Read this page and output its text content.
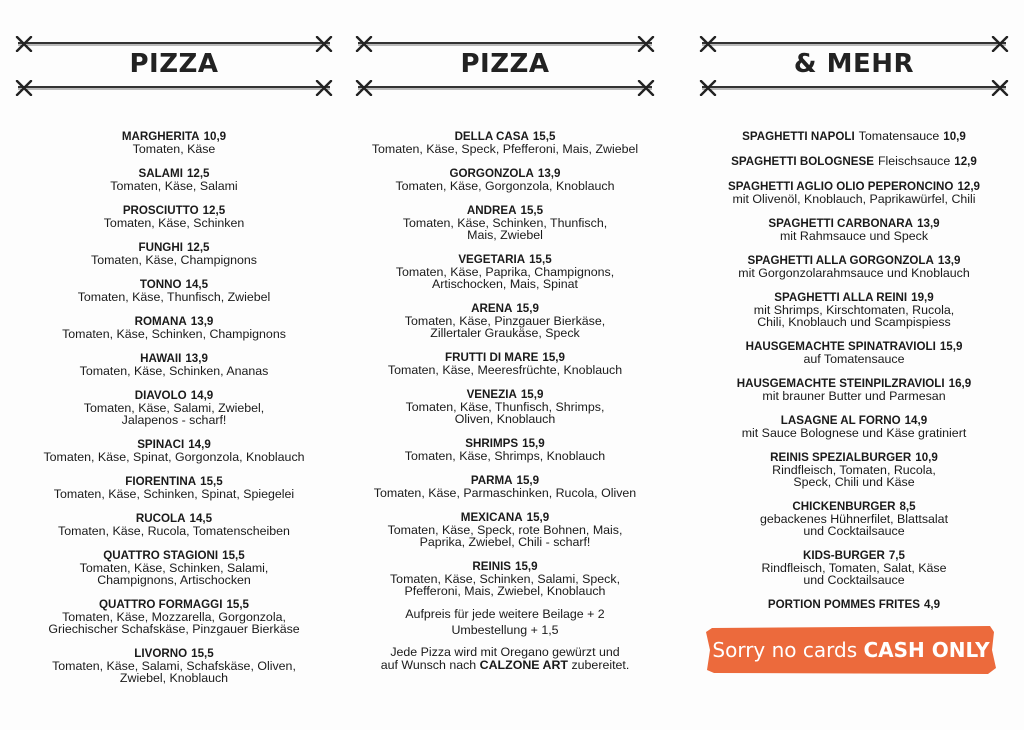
PIZZA
MARGHERITA 10,9
Tomaten, Käse
SALAMI 12,5
Tomaten, Käse, Salami
PROSCIUTTO 12,5
Tomaten, Käse, Schinken
FUNGHI 12,5
Tomaten, Käse, Champignons
TONNO 14,5
Tomaten, Käse, Thunfisch, Zwiebel
ROMANA 13,9
Tomaten, Käse, Schinken, Champignons
HAWAII 13,9
Tomaten, Käse, Schinken, Ananas
DIAVOLO 14,9
Tomaten, Käse, Salami, Zwiebel,
Jalapenos - scharf!
SPINACI 14,9
Tomaten, Käse, Spinat, Gorgonzola, Knoblauch
FIORENTINA 15,5
Tomaten, Käse, Schinken, Spinat, Spiegelei
RUCOLA 14,5
Tomaten, Käse, Rucola, Tomatenscheiben
QUATTRO STAGIONI 15,5
Tomaten, Käse, Schinken, Salami,
Champignons, Artischocken
QUATTRO FORMAGGI 15,5
Tomaten, Käse, Mozzarella, Gorgonzola,
Griechischer Schafskäse, Pinzgauer Bierkäse
LIVORNO 15,5
Tomaten, Käse, Salami, Schafskäse, Oliven,
Zwiebel, Knoblauch
PIZZA
DELLA CASA 15,5
Tomaten, Käse, Speck, Pfefferoni, Mais, Zwiebel
GORGONZOLA 13,9
Tomaten, Käse, Gorgonzola, Knoblauch
ANDREA 15,5
Tomaten, Käse, Schinken, Thunfisch,
Mais, Zwiebel
VEGETARIA 15,5
Tomaten, Käse, Paprika, Champignons,
Artischocken, Mais, Spinat
ARENA 15,9
Tomaten, Käse, Pinzgauer Bierkäse,
Zillertaler Graukäse, Speck
FRUTTI DI MARE 15,9
Tomaten, Käse, Meeresfrüchte, Knoblauch
VENEZIA 15,9
Tomaten, Käse, Thunfisch, Shrimps,
Oliven, Knoblauch
SHRIMPS 15,9
Tomaten, Käse, Shrimps, Knoblauch
PARMA 15,9
Tomaten, Käse, Parmaschinken, Rucola, Oliven
MEXICANA 15,9
Tomaten, Käse, Speck, rote Bohnen, Mais,
Paprika, Zwiebel, Chili - scharf!
REINIS 15,9
Tomaten, Käse, Schinken, Salami, Speck,
Pfefferoni, Mais, Zwiebel, Knoblauch
Aufpreis für jede weitere Beilage + 2
Umbestellung + 1,5
Jede Pizza wird mit Oregano gewürzt und
auf Wunsch nach CALZONE ART zubereitet.
& MEHR
SPAGHETTI NAPOLI Tomatensauce 10,9
SPAGHETTI BOLOGNESE Fleischsauce 12,9
SPAGHETTI AGLIO OLIO PEPERONCINO 12,9
mit Olivenöl, Knoblauch, Paprikawürfel, Chili
SPAGHETTI CARBONARA 13,9
mit Rahmsauce und Speck
SPAGHETTI ALLA GORGONZOLA 13,9
mit Gorgonzolarahmsauce und Knoblauch
SPAGHETTI ALLA REINI 19,9
mit Shrimps, Kirschtomaten, Rucola,
Chili, Knoblauch und Scampispiess
HAUSGEMACHTE SPINATRAVIOLI 15,9
auf Tomatensauce
HAUSGEMACHTE STEINPILZRAVIOLI 16,9
mit brauner Butter und Parmesan
LASAGNE AL FORNO 14,9
mit Sauce Bolognese und Käse gratiniert
REINIS SPEZIALBURGER 10,9
Rindfleisch, Tomaten, Rucola,
Speck, Chili und Käse
CHICKENBURGER 8,5
gebackenes Hühnerfilet, Blattsalat
und Cocktailsauce
KIDS-BURGER 7,5
Rindfleisch, Tomaten, Salat, Käse
und Cocktailsauce
PORTION POMMES FRITES 4,9
Sorry no cards CASH ONLY
